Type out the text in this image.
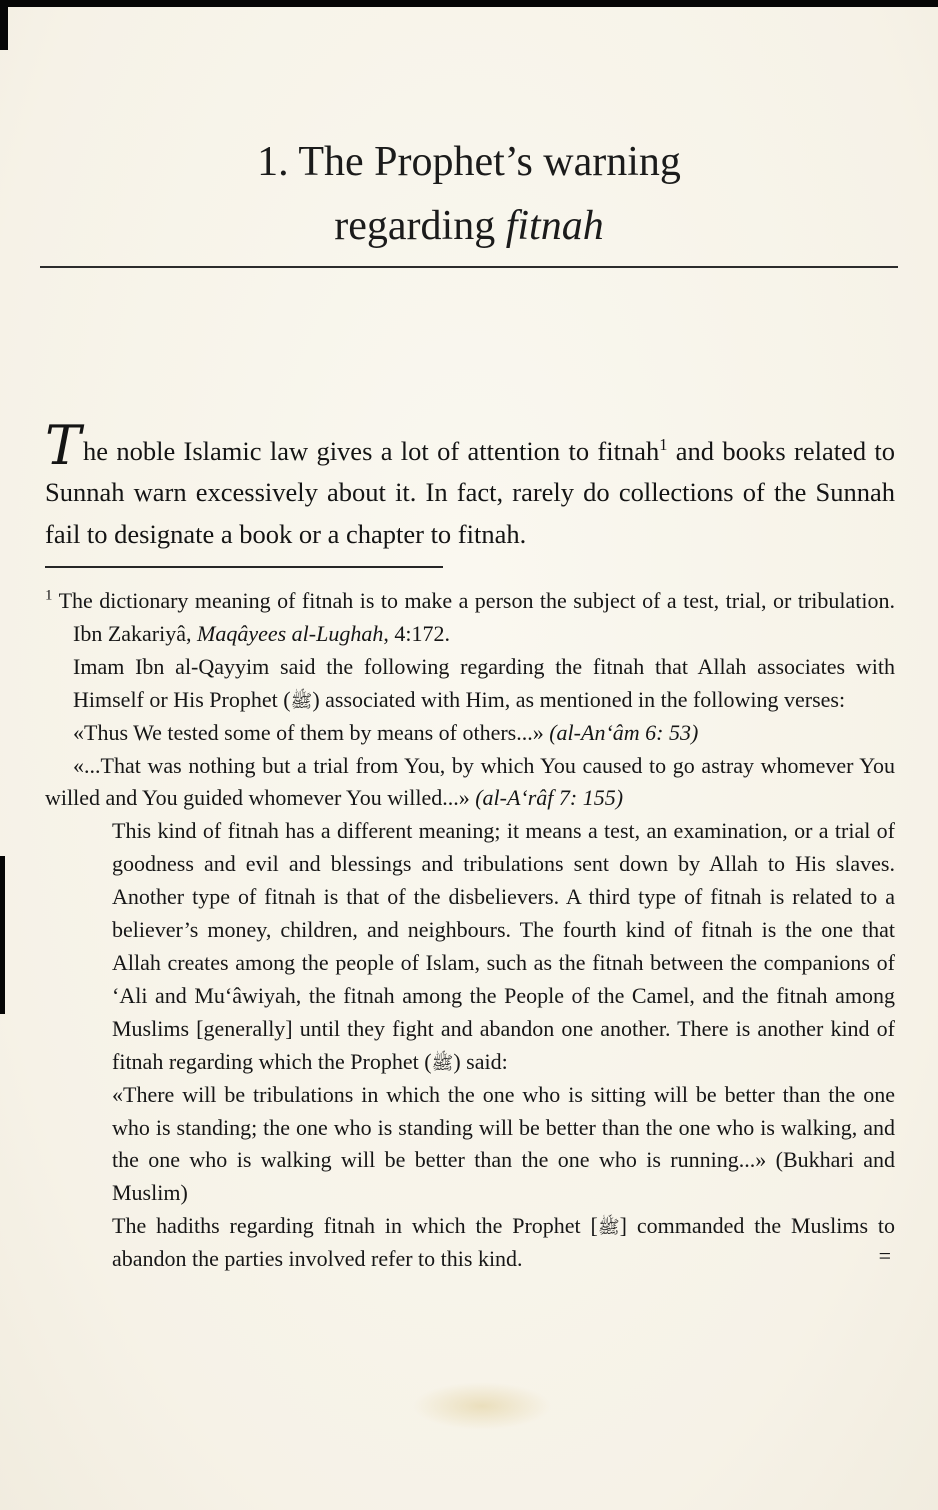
1. The Prophet’s warning
regarding fitnah

The noble Islamic law gives a lot of attention to fitnah$^1$ and books related to Sunnah warn excessively about it. In fact, rarely do collections of the Sunnah fail to designate a book or a chapter to fitnah.

$^1$ The dictionary meaning of fitnah is to make a person the subject of a test, trial, or tribulation. Ibn Zakariyâ, Maqâyees al-Lughah, 4:172.

Imam Ibn al-Qayyim said the following regarding the fitnah that Allah associates with Himself or His Prophet (ﷺ) associated with Him, as mentioned in the following verses:

«Thus We tested some of them by means of others...» (al-An‘âm 6: 53)

«...That was nothing but a trial from You, by which You caused to go astray whomever You willed and You guided whomever You willed...» (al-A‘râf 7: 155)

This kind of fitnah has a different meaning; it means a test, an examination, or a trial of goodness and evil and blessings and tribulations sent down by Allah to His slaves. Another type of fitnah is that of the disbelievers. A third type of fitnah is related to a believer’s money, children, and neighbours. The fourth kind of fitnah is the one that Allah creates among the people of Islam, such as the fitnah between the companions of ‘Ali and Mu‘âwiyah, the fitnah among the People of the Camel, and the fitnah among Muslims [generally] until they fight and abandon one another. There is another kind of fitnah regarding which the Prophet (ﷺ) said:

«There will be tribulations in which the one who is sitting will be better than the one who is standing; the one who is standing will be better than the one who is walking, and the one who is walking will be better than the one who is running...» (Bukhari and Muslim)

The hadiths regarding fitnah in which the Prophet [ﷺ] commanded the Muslims to abandon the parties involved refer to this kind.	=
